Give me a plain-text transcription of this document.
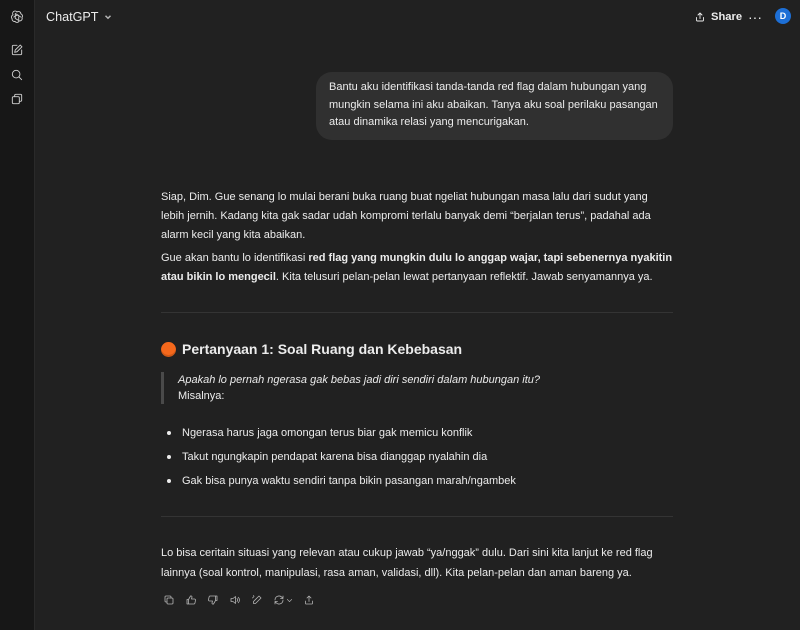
ChatGPT	Share ··· D
Bantu aku identifikasi tanda-tanda red flag dalam hubungan yang mungkin selama ini aku abaikan. Tanya aku soal perilaku pasangan atau dinamika relasi yang mencurigakan.
Siap, Dim. Gue senang lo mulai berani buka ruang buat ngeliat hubungan masa lalu dari sudut yang lebih jernih. Kadang kita gak sadar udah kompromi terlalu banyak demi “berjalan terus”, padahal ada alarm kecil yang kita abaikan.
Gue akan bantu lo identifikasi red flag yang mungkin dulu lo anggap wajar, tapi sebenernya nyakitin atau bikin lo mengecil. Kita telusuri pelan-pelan lewat pertanyaan reflektif. Jawab senyamannya ya.
Pertanyaan 1: Soal Ruang dan Kebebasan
Apakah lo pernah ngerasa gak bebas jadi diri sendiri dalam hubungan itu?
Misalnya:
Ngerasa harus jaga omongan terus biar gak memicu konflik
Takut ngungkapin pendapat karena bisa dianggap nyalahin dia
Gak bisa punya waktu sendiri tanpa bikin pasangan marah/ngambek
Lo bisa ceritain situasi yang relevan atau cukup jawab “ya/nggak” dulu. Dari sini kita lanjut ke red flag lainnya (soal kontrol, manipulasi, rasa aman, validasi, dll). Kita pelan-pelan dan aman bareng ya.
